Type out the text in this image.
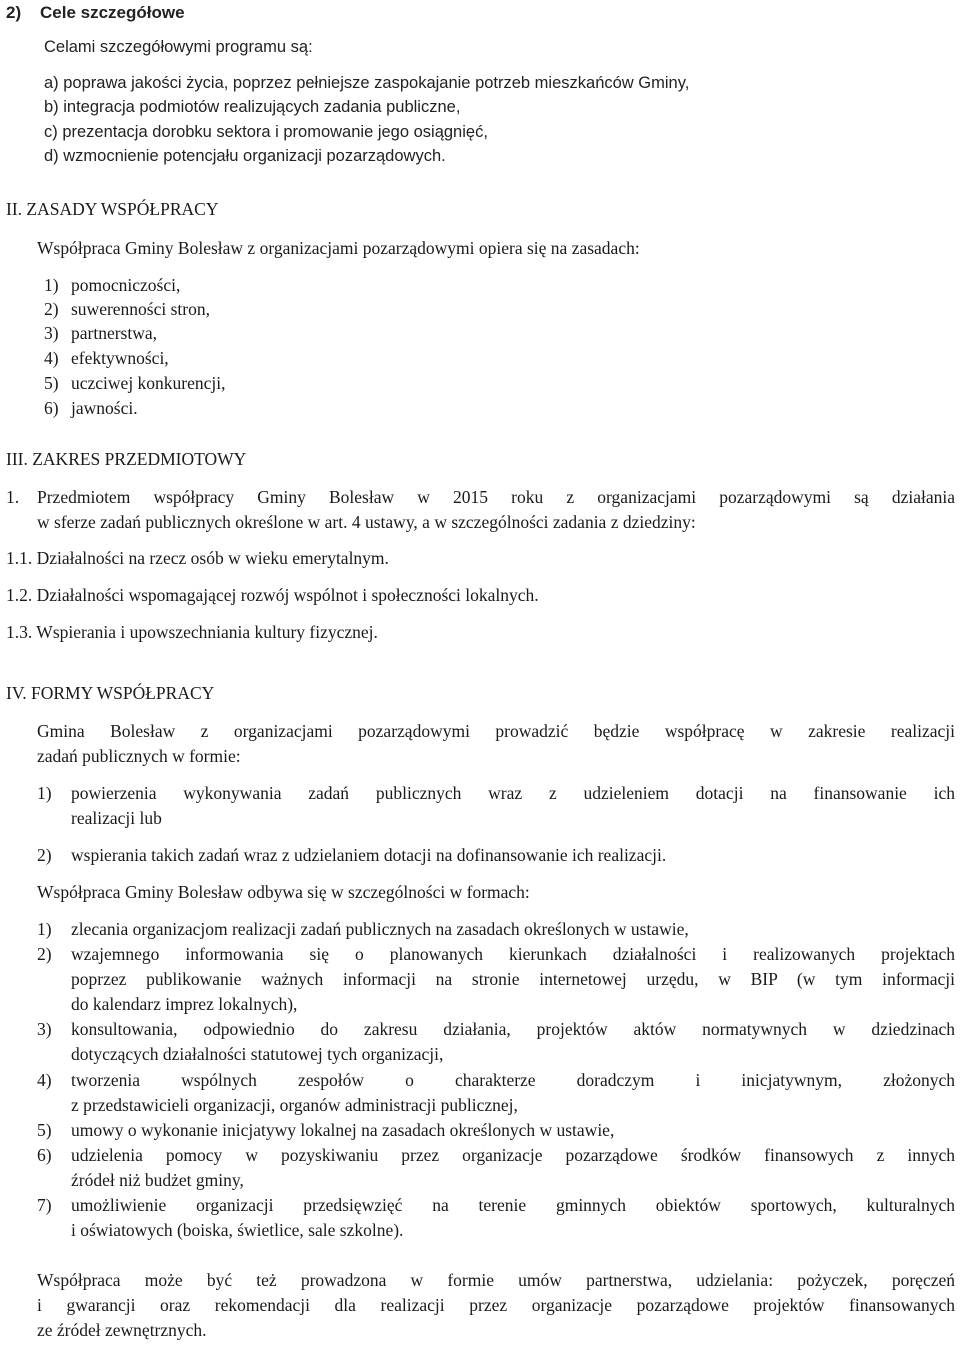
2)    Cele szczegółowe
Celami szczegółowymi programu są:
a) poprawa jakości życia, poprzez pełniejsze zaspokajanie potrzeb mieszkańców Gminy,
b) integracja podmiotów realizujących zadania publiczne,
c) prezentacja dorobku sektora i promowanie jego osiągnięć,
d) wzmocnienie potencjału organizacji pozarządowych.
II. ZASADY WSPÓŁPRACY
Współpraca Gminy Bolesław z organizacjami pozarządowymi opiera się na zasadach:
1) pomocniczości,
2) suwerenności stron,
3) partnerstwa,
4) efektywności,
5) uczciwej konkurencji,
6) jawności.
III. ZAKRES PRZEDMIOTOWY
1. Przedmiotem współpracy Gminy Bolesław w 2015 roku z organizacjami pozarządowymi są działania
w sferze zadań publicznych określone w art. 4 ustawy, a w szczególności zadania z dziedziny:
1.1. Działalności na rzecz osób w wieku emerytalnym.
1.2. Działalności wspomagającej rozwój wspólnot i społeczności lokalnych.
1.3. Wspierania i upowszechniania kultury fizycznej.
IV. FORMY WSPÓŁPRACY
Gmina Bolesław z organizacjami pozarządowymi prowadzić będzie współpracę w zakresie realizacji
zadań publicznych w formie:
1) powierzenia wykonywania zadań publicznych wraz z udzieleniem dotacji na finansowanie ich
realizacji lub
2) wspierania takich zadań wraz z udzielaniem dotacji na dofinansowanie ich realizacji.
Współpraca Gminy Bolesław odbywa się w szczególności w formach:
1) zlecania organizacjom realizacji zadań publicznych na zasadach określonych w ustawie,
2) wzajemnego informowania się o planowanych kierunkach działalności i realizowanych projektach
poprzez publikowanie ważnych informacji na stronie internetowej urzędu, w BIP (w tym informacji
do kalendarz imprez lokalnych),
3) konsultowania, odpowiednio do zakresu działania, projektów aktów normatywnych w dziedzinach
dotyczących działalności statutowej tych organizacji,
4) tworzenia wspólnych zespołów o charakterze doradczym i inicjatywnym, złożonych
z przedstawicieli organizacji, organów administracji publicznej,
5) umowy o wykonanie inicjatywy lokalnej na zasadach określonych w ustawie,
6) udzielenia pomocy w pozyskiwaniu przez organizacje pozarządowe środków finansowych z innych
źródeł niż budżet gminy,
7) umożliwienie organizacji przedsięwzięć na terenie gminnych obiektów sportowych, kulturalnych
i oświatowych (boiska, świetlice, sale szkolne).
Współpraca może być też prowadzona w formie umów partnerstwa, udzielania: pożyczek, poręczeń
i gwarancji oraz rekomendacji dla realizacji przez organizacje pozarządowe projektów finansowanych
ze źródeł zewnętrznych.
